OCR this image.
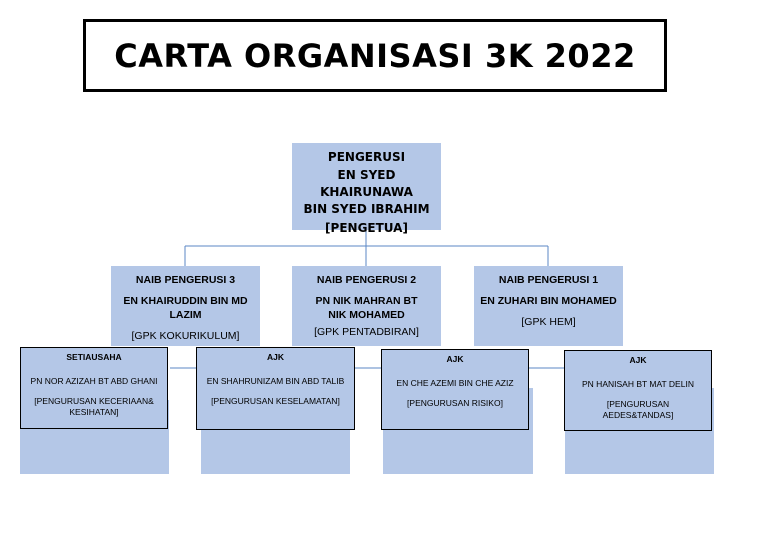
CARTA ORGANISASI 3K 2022

PENGERUSI

EN SYED KHAIRUNAWA

BIN SYED IBRAHIM

[PENGETUA]

NAIB PENGERUSI 3

EN KHAIRUDDIN BIN MD LAZIM

[GPK KOKURIKULUM]

NAIB PENGERUSI 2

PN NIK MAHRAN BT NIK MOHAMED

[GPK PENTADBIRAN]

NAIB PENGERUSI 1

EN ZUHARI BIN MOHAMED

[GPK HEM]

SETIAUSAHA

PN NOR AZIZAH BT ABD GHANI

[PENGURUSAN KECERIAAN& KESIHATAN]

AJK

EN SHAHRUNIZAM BIN ABD TALIB

[PENGURUSAN KESELAMATAN]

AJK

EN CHE AZEMI BIN CHE AZIZ

[PENGURUSAN RISIKO]

AJK

PN HANISAH BT MAT DELIN

[PENGURUSAN AEDES&TANDAS]
